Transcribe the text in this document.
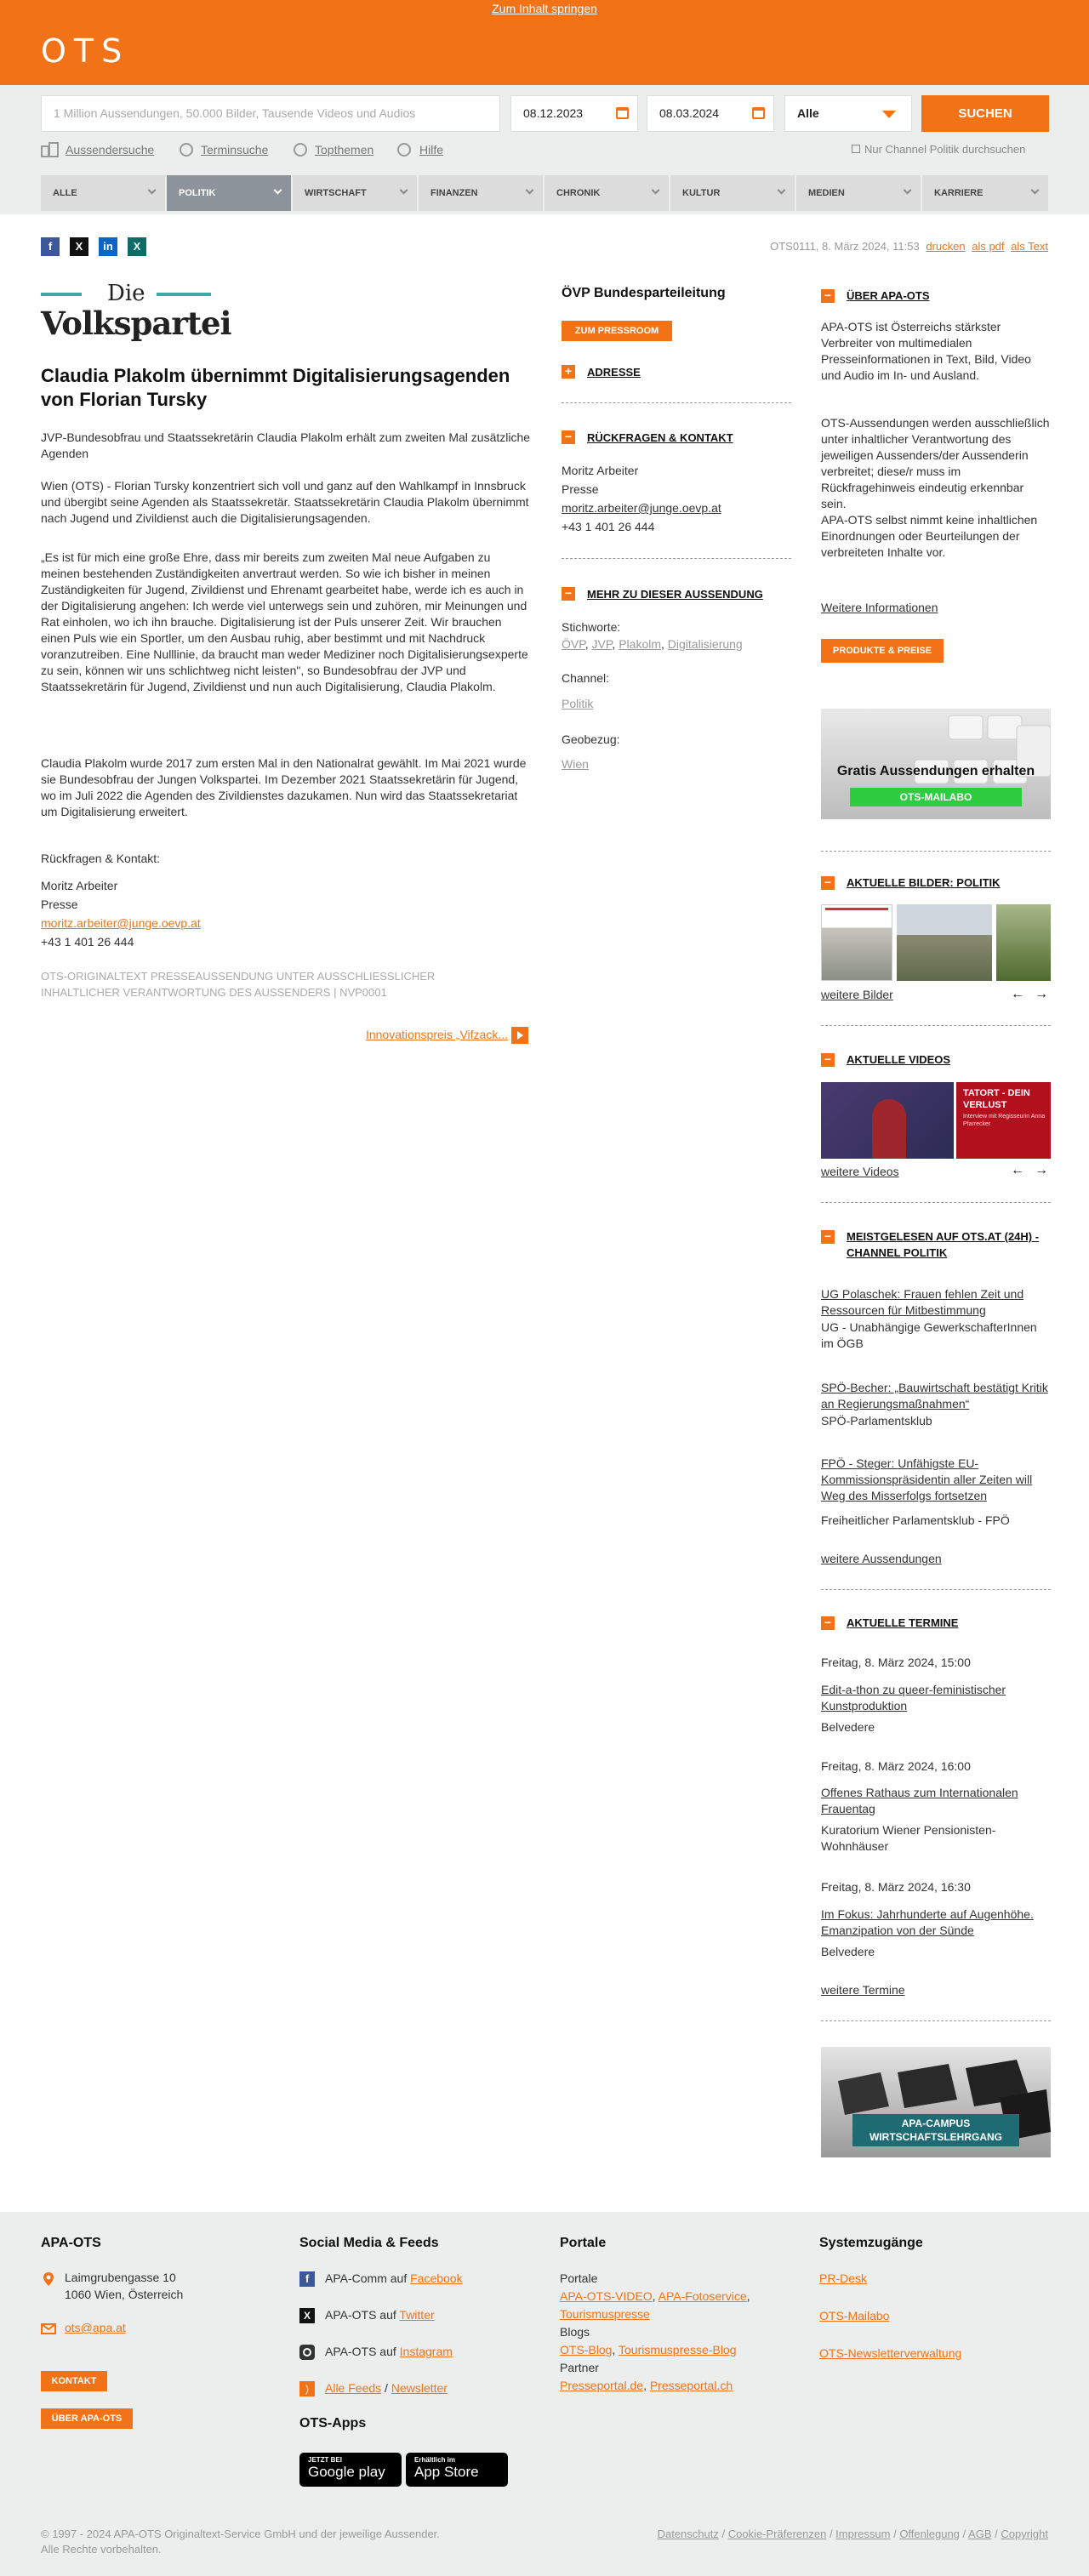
Zum Inhalt springen
OTS
1 Million Aussendungen, 50.000 Bilder, Tausende Videos und Audios	08.12.2023	08.03.2024	Alle	SUCHEN
Aussendersuche	Terminsuche	Topthemen	Hilfe	Nur Channel Politik durchsuchen
ALLE	POLITIK	WIRTSCHAFT	FINANZEN	CHRONIK	KULTUR	MEDIEN	KARRIERE
f	X	in	X	OTS0111, 8. März 2024, 11:53 drucken als pdf als Text
Die
Volkspartei
Claudia Plakolm übernimmt Digitalisierungsagenden von Florian Tursky

JVP-Bundesobfrau und Staatssekretärin Claudia Plakolm erhält zum zweiten Mal zusätzliche Agenden

Wien (OTS) - Florian Tursky konzentriert sich voll und ganz auf den Wahlkampf in Innsbruck und übergibt seine Agenden als Staatssekretär. Staatssekretärin Claudia Plakolm übernimmt nach Jugend und Zivildienst auch die Digitalisierungsagenden.

„Es ist für mich eine große Ehre, dass mir bereits zum zweiten Mal neue Aufgaben zu meinen bestehenden Zuständigkeiten anvertraut werden. So wie ich bisher in meinen Zuständigkeiten für Jugend, Zivildienst und Ehrenamt gearbeitet habe, werde ich es auch in der Digitalisierung angehen: Ich werde viel unterwegs sein und zuhören, mir Meinungen und Rat einholen, wo ich ihn brauche. Digitalisierung ist der Puls unserer Zeit. Wir brauchen einen Puls wie ein Sportler, um den Ausbau ruhig, aber bestimmt und mit Nachdruck voranzutreiben. Eine Nulllinie, da braucht man weder Mediziner noch Digitalisierungsexperte zu sein, können wir uns schlichtweg nicht leisten", so Bundesobfrau der JVP und Staatssekretärin für Jugend, Zivildienst und nun auch Digitalisierung, Claudia Plakolm.

Claudia Plakolm wurde 2017 zum ersten Mal in den Nationalrat gewählt. Im Mai 2021 wurde sie Bundesobfrau der Jungen Volkspartei. Im Dezember 2021 Staatssekretärin für Jugend, wo im Juli 2022 die Agenden des Zivildienstes dazukamen. Nun wird das Staatssekretariat um Digitalisierung erweitert.

Rückfragen & Kontakt:

Moritz Arbeiter

Presse

moritz.arbeiter@junge.oevp.at

+43 1 401 26 444

OTS-ORIGINALTEXT PRESSEAUSSENDUNG UNTER AUSSCHLIESSLICHER INHALTLICHER VERANTWORTUNG DES AUSSENDERS | NVP0001

Innovationspreis „Vifzack...
ÖVP Bundesparteileitung
ZUM PRESSROOM
+	ADRESSE
−	RÜCKFRAGEN & KONTAKT
Moritz Arbeiter
Presse
moritz.arbeiter@junge.oevp.at
+43 1 401 26 444
−	MEHR ZU DIESER AUSSENDUNG
Stichworte:
ÖVP, JVP, Plakolm, Digitalisierung
Channel:
Politik
Geobezug:
Wien
−	ÜBER APA-OTS
APA-OTS ist Österreichs stärkster Verbreiter von multimedialen Presseinformationen in Text, Bild, Video und Audio im In- und Ausland.
OTS-Aussendungen werden ausschließlich unter inhaltlicher Verantwortung des jeweiligen Aussenders/der Aussenderin verbreitet; diese/r muss im Rückfragehinweis eindeutig erkennbar sein.
APA-OTS selbst nimmt keine inhaltlichen Einordnungen oder Beurteilungen der verbreiteten Inhalte vor.
Weitere Informationen
PRODUKTE & PREISE
Gratis Aussendungen erhalten
OTS-MAILABO
−	AKTUELLE BILDER: POLITIK
weitere Bilder	← →
−	AKTUELLE VIDEOS
TATORT - DEIN VERLUST
Interview mit Regisseurin Anna Pfarrecker
weitere Videos	← →
−	MEISTGELESEN AUF OTS.AT (24H) - CHANNEL POLITIK
UG Polaschek: Frauen fehlen Zeit und Ressourcen für Mitbestimmung
UG - Unabhängige GewerkschafterInnen im ÖGB
SPÖ-Becher: „Bauwirtschaft bestätigt Kritik an Regierungsmaßnahmen“
SPÖ-Parlamentsklub
FPÖ - Steger: Unfähigste EU-Kommissionspräsidentin aller Zeiten will Weg des Misserfolgs fortsetzen
Freiheitlicher Parlamentsklub - FPÖ
weitere Aussendungen
−	AKTUELLE TERMINE
Freitag, 8. März 2024, 15:00
Edit-a-thon zu queer-feministischer Kunstproduktion
Belvedere
Freitag, 8. März 2024, 16:00
Offenes Rathaus zum Internationalen Frauentag
Kuratorium Wiener Pensionisten-Wohnhäuser
Freitag, 8. März 2024, 16:30
Im Fokus: Jahrhunderte auf Augenhöhe. Emanzipation von der Sünde
Belvedere
weitere Termine
APA-CAMPUS WIRTSCHAFTSLEHRGANG
APA-OTS
Laimgrubengasse 10
1060 Wien, Österreich
ots@apa.at
KONTAKT
ÜBER APA-OTS
Social Media & Feeds
f	APA-Comm auf Facebook
X	APA-OTS auf Twitter
APA-OTS auf Instagram
)	Alle Feeds / Newsletter
OTS-Apps
JETZT BEI
Google play
Erhältlich im
App Store
Portale
Portale
APA-OTS-VIDEO, APA-Fotoservice,
Tourismuspresse
Blogs
OTS-Blog, Tourismuspresse-Blog
Partner
Presseportal.de, Presseportal.ch
Systemzugänge
PR-Desk
OTS-Mailabo
OTS-Newsletterverwaltung
© 1997 - 2024 APA-OTS Originaltext-Service GmbH und der jeweilige Aussender.
Alle Rechte vorbehalten.
Datenschutz / Cookie-Präferenzen / Impressum / Offenlegung / AGB / Copyright
